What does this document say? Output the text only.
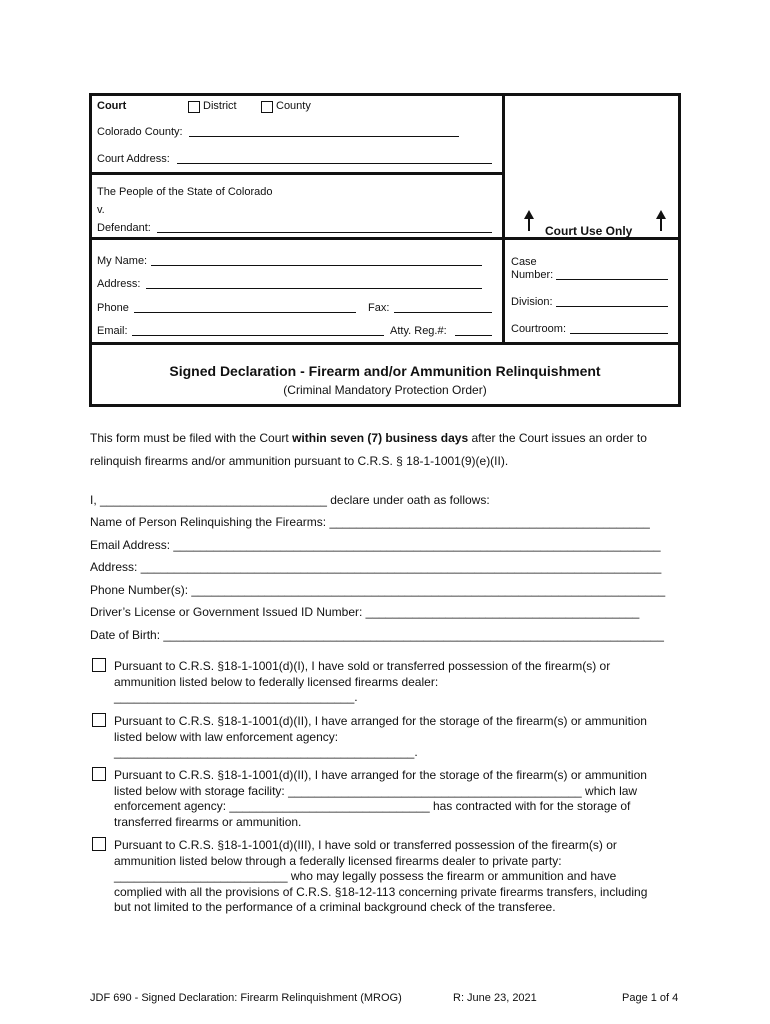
Court	District	County
Colorado County:
Court Address:
The People of the State of Colorado
v.
Defendant:	Court Use Only
My Name:
Address:
Phone	Fax:
Email:	Atty. Reg.#:
Case
Number:
Division:
Courtroom:
Signed Declaration - Firearm and/or Ammunition Relinquishment
(Criminal Mandatory Protection Order)
This form must be filed with the Court within seven (7) business days after the Court issues an order to
relinquish firearms and/or ammunition pursuant to C.R.S. § 18-1-1001(9)(e)(II).
I, __________________________________ declare under oath as follows:
Name of Person Relinquishing the Firearms: ________________________________________________
Email Address: _________________________________________________________________________
Address: ______________________________________________________________________________
Phone Number(s): _______________________________________________________________________
Driver’s License or Government Issued ID Number: _________________________________________
Date of Birth: ___________________________________________________________________________
Pursuant to C.R.S. §18-1-1001(d)(I), I have sold or transferred possession of the firearm(s) or
ammunition listed below to federally licensed firearms dealer:
____________________________________.
Pursuant to C.R.S. §18-1-1001(d)(II), I have arranged for the storage of the firearm(s) or ammunition
listed below with law enforcement agency:
_____________________________________________.
Pursuant to C.R.S. §18-1-1001(d)(II), I have arranged for the storage of the firearm(s) or ammunition
listed below with storage facility: ____________________________________________ which law
enforcement agency: ______________________________ has contracted with for the storage of
transferred firearms or ammunition.
Pursuant to C.R.S. §18-1-1001(d)(III), I have sold or transferred possession of the firearm(s) or
ammunition listed below through a federally licensed firearms dealer to private party:
__________________________ who may legally possess the firearm or ammunition and have
complied with all the provisions of C.R.S. §18-12-113 concerning private firearms transfers, including
but not limited to the performance of a criminal background check of the transferee.
JDF 690 - Signed Declaration: Firearm Relinquishment (MROG)	R: June 23, 2021	Page 1 of 4
